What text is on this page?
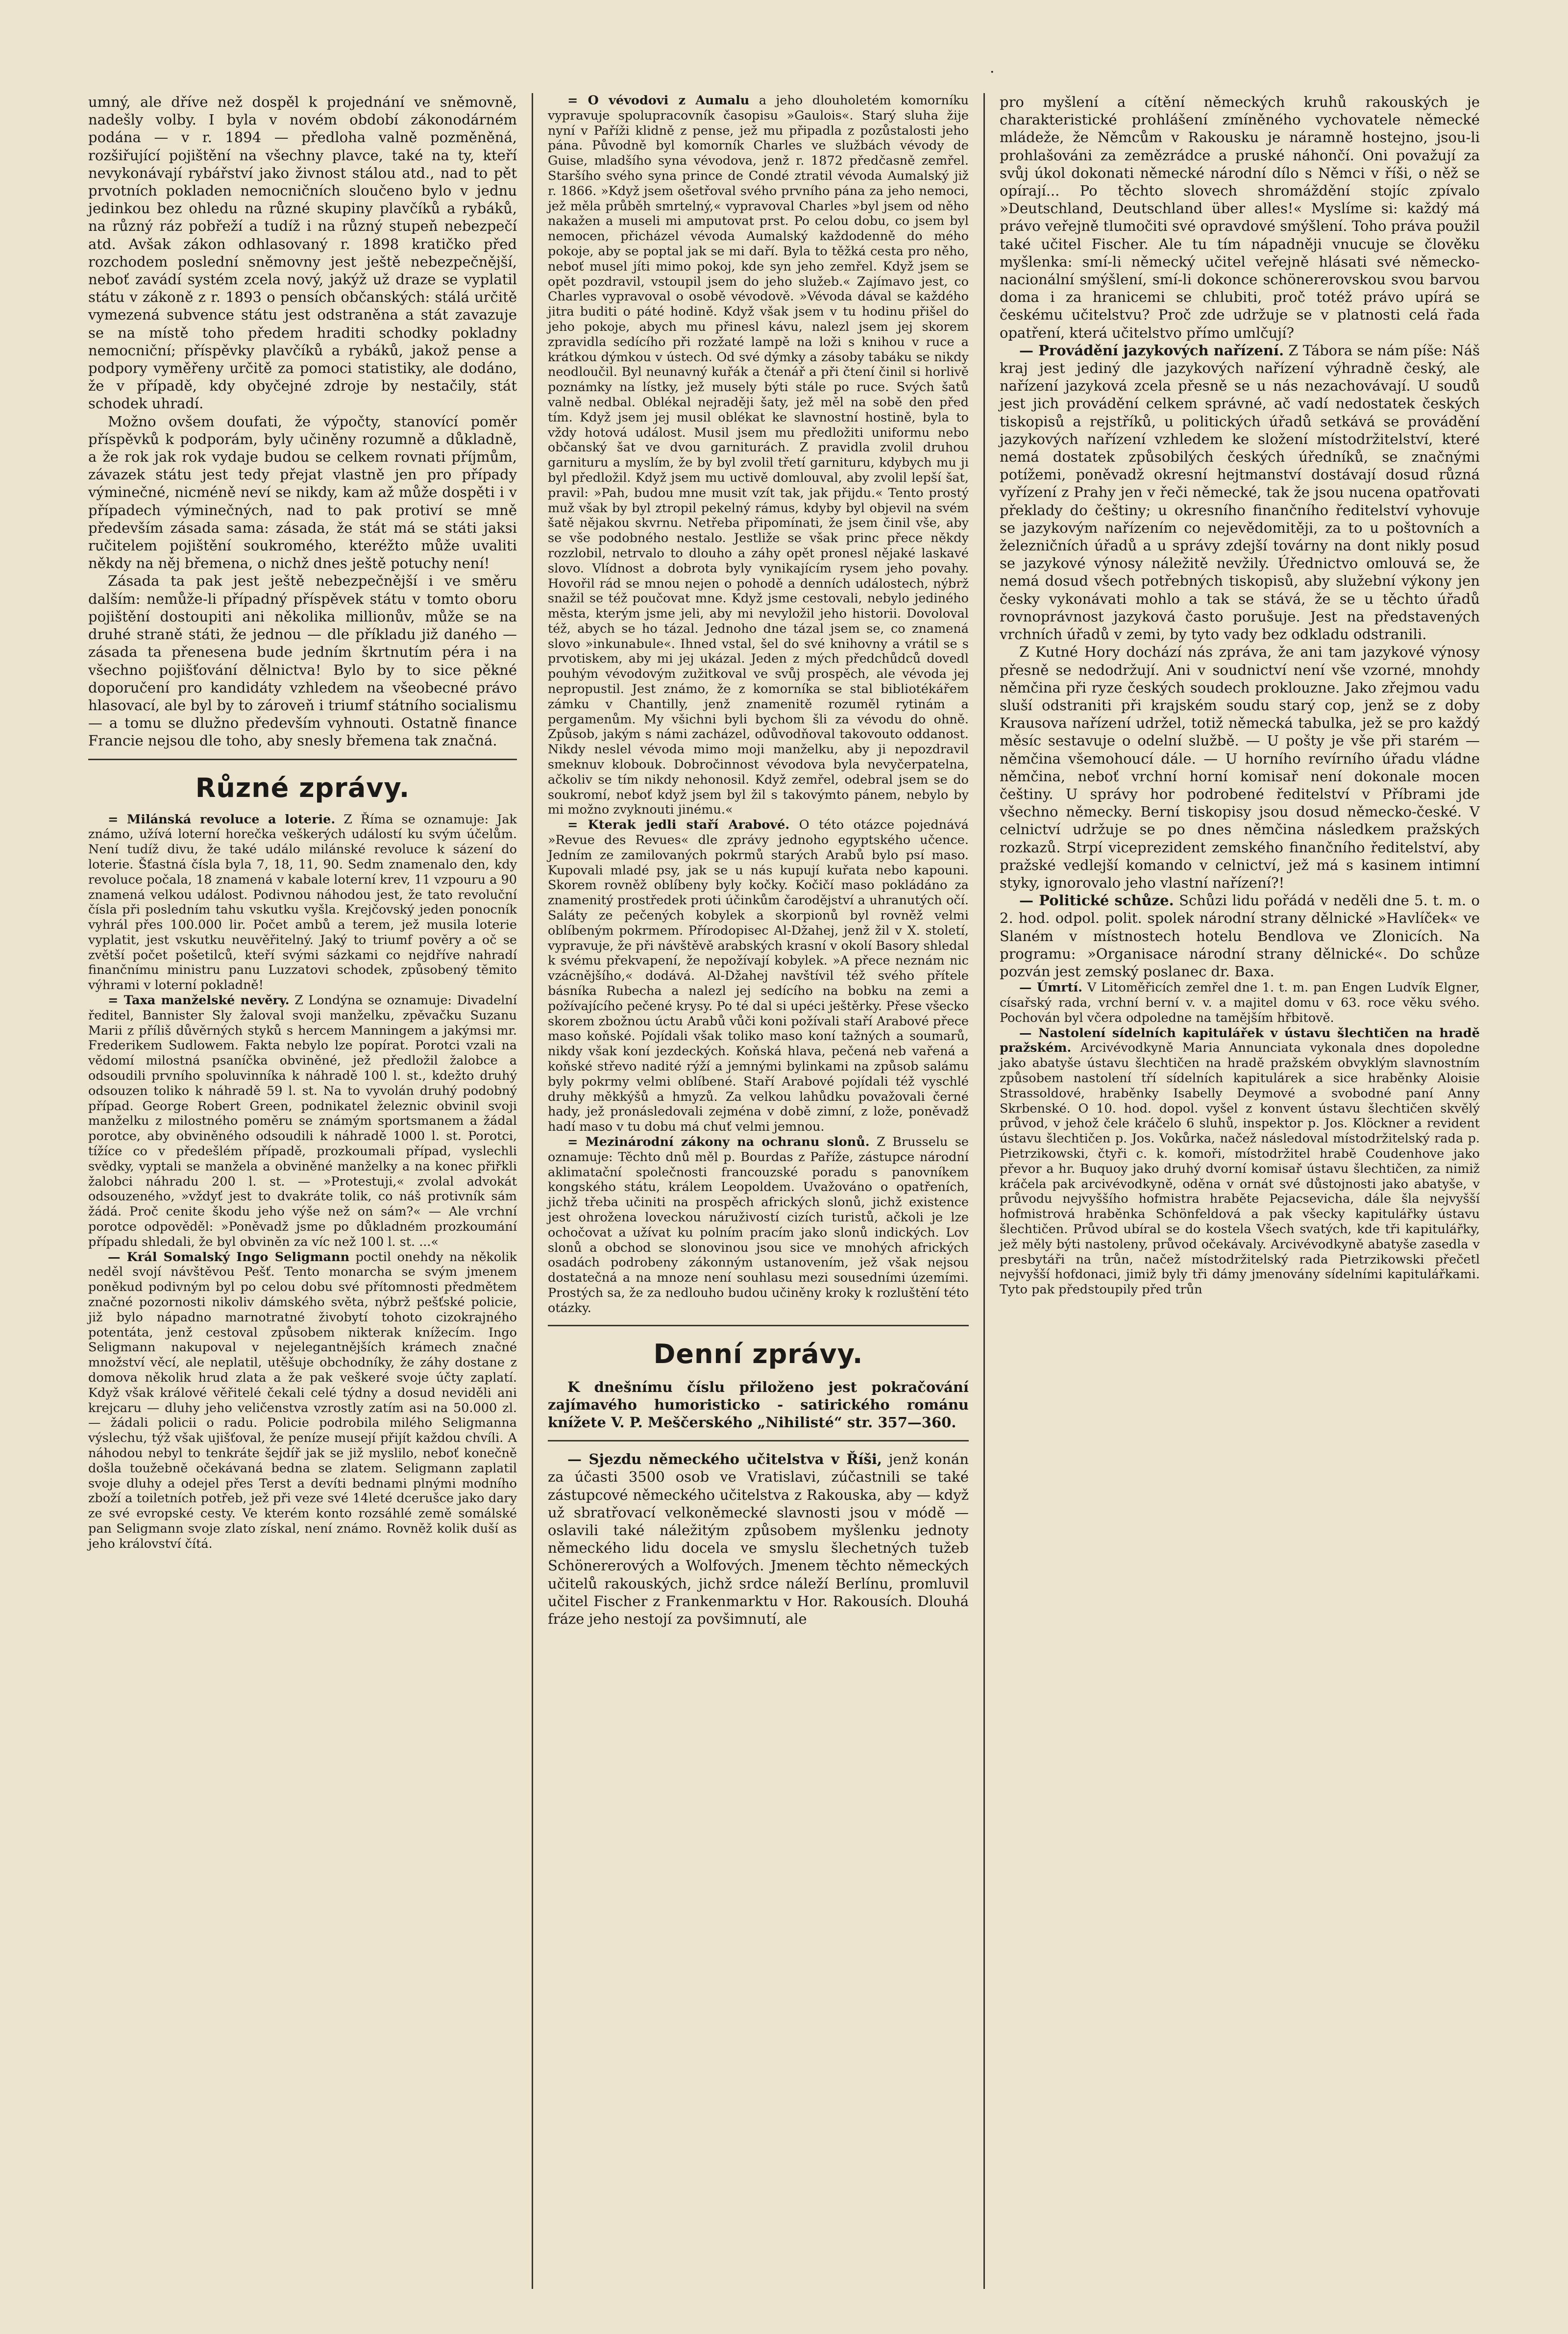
·

umný, ale dříve než dospěl k projednání ve sněmovně, nadešly volby. I byla v novém období zákonodárném podána — v r. 1894 — předloha valně pozměněná, rozšiřující pojištění na všechny plavce, také na ty, kteří nevykonávají rybářství jako živnost stálou atd., nad to pět prvotních pokladen nemocničních sloučeno bylo v jednu jedinkou bez ohledu na různé skupiny plavčíků a rybáků, na různý ráz pobřeží a tudíž i na různý stupeň nebezpečí atd. Avšak zákon odhlasovaný r. 1898 kratičko před rozchodem poslední sněmovny jest ještě nebezpečnější, neboť zavádí systém zcela nový, jakýž už draze se vyplatil státu v zákoně z r. 1893 o pensích občanských: stálá určitě vymezená subvence státu jest odstraněna a stát zavazuje se na místě toho předem hraditi schodky pokladny nemocniční; příspěvky plavčíků a rybáků, jakož pense a podpory vyměřeny určitě za pomoci statistiky, ale dodáno, že v případě, kdy obyčejné zdroje by nestačily, stát schodek uhradí.

Možno ovšem doufati, že výpočty, stanovící poměr příspěvků k podporám, byly učiněny rozumně a důkladně, a že rok jak rok vydaje budou se celkem rovnati příjmům, závazek státu jest tedy přejat vlastně jen pro případy výminečné, nicméně neví se nikdy, kam až může dospěti i v případech výminečných, nad to pak protiví se mně především zásada sama: zásada, že stát má se státi jaksi ručitelem pojištění soukromého, kteréžto může uvaliti někdy na něj břemena, o nichž dnes ještě potuchy není!

Zásada ta pak jest ještě nebezpečnější i ve směru dalším: nemůže-li případný příspěvek státu v tomto oboru pojištění dostoupiti ani několika millionův, může se na druhé straně státi, že jednou — dle příkladu již daného — zásada ta přenesena bude jedním škrtnutím péra i na všechno pojišťování dělnictva! Bylo by to sice pěkné doporučení pro kandidáty vzhledem na všeobecné právo hlasovací, ale byl by to zároveň i triumf státního socialismu — a tomu se dlužno především vyhnouti. Ostatně finance Francie nejsou dle toho, aby snesly břemena tak značná.

Různé zprávy.

= Milánská revoluce a loterie. Z Říma se oznamuje: Jak známo, užívá loterní horečka veškerých událostí ku svým účelům. Není tudíž divu, že také událo milánské revoluce k sázení do loterie. Šťastná čísla byla 7, 18, 11, 90. Sedm znamenalo den, kdy revoluce počala, 18 znamená v kabale loterní krev, 11 vzpouru a 90 znamená velkou událost. Podivnou náhodou jest, že tato revoluční čísla při posledním tahu vskutku vyšla. Krejčovský jeden ponocník vyhrál přes 100.000 lir. Počet ambů a terem, jež musila loterie vyplatit, jest vskutku neuvěřitelný. Jaký to triumf pověry a oč se zvětší počet pošetilců, kteří svými sázkami co nejdříve nahradí finančnímu ministru panu Luzzatovi schodek, způsobený těmito výhrami v loterní pokladně!

= Taxa manželské nevěry. Z Londýna se oznamuje: Divadelní ředitel, Bannister Sly žaloval svoji manželku, zpěvačku Suzanu Marii z příliš důvěrných styků s hercem Manningem a jakýmsi mr. Frederikem Sudlowem. Fakta nebylo lze popírat. Porotci vzali na vědomí milostná psaníčka obviněné, jež předložil žalobce a odsoudili prvního spoluvinníka k náhradě 100 l. st., kdežto druhý odsouzen toliko k náhradě 59 l. st. Na to vyvolán druhý podobný případ. George Robert Green, podnikatel železnic obvinil svoji manželku z milostného poměru se známým sportsmanem a žádal porotce, aby obviněného odsoudili k náhradě 1000 l. st. Porotci, tížíce co v předešlém případě, prozkoumali případ, vyslechli svědky, vyptali se manžela a obviněné manželky a na konec přiřkli žalobci náhradu 200 l. st. — »Protestuji,« zvolal advokát odsouzeného, »vždyť jest to dvakráte tolik, co náš protivník sám žádá. Proč cenite škodu jeho výše než on sám?« — Ale vrchní porotce odpověděl: »Poněvadž jsme po důkladném prozkoumání případu shledali, že byl obviněn za víc než 100 l. st. ...«

— Král Somalský Ingo Seligmann poctil onehdy na několik neděl svojí návštěvou Pešť. Tento monarcha se svým jmenem poněkud podivným byl po celou dobu své přítomnosti předmětem značné pozornosti nikoliv dámského světa, nýbrž pešťské policie, již bylo nápadno marnotratné živobytí tohoto cizokrajného potentáta, jenž cestoval způsobem nikterak knížecím. Ingo Seligmann nakupoval v nejelegantnějších krámech značné množství věcí, ale neplatil, utěšuje obchodníky, že záhy dostane z domova několik hrud zlata a že pak veškeré svoje účty zaplatí. Když však králové věřitelé čekali celé týdny a dosud neviděli ani krejcaru — dluhy jeho veličenstva vzrostly zatím asi na 50.000 zl. — žádali policii o radu. Policie podrobila milého Seligmanna výslechu, týž však ujišťoval, že peníze musejí přijít každou chvíli. A náhodou nebyl to tenkráte šejdíř jak se již myslilo, neboť konečně došla toužebně očekávaná bedna se zlatem. Seligmann zaplatil svoje dluhy a odejel přes Terst a devíti bednami plnými modního zboží a toiletních potřeb, jež při veze své 14leté dcerušce jako dary ze své evropské cesty. Ve kterém konto rozsáhlé země somálské pan Seligmann svoje zlato získal, není známo. Rovněž kolik duší as jeho království čítá.

= O vévodovi z Aumalu a jeho dlouholetém komorníku vypravuje spolupracovník časopisu »Gaulois«. Starý sluha žije nyní v Paříži klidně z pense, jež mu připadla z pozůstalosti jeho pána. Původně byl komorník Charles ve službách vévody de Guise, mladšího syna vévodova, jenž r. 1872 předčasně zemřel. Staršího svého syna prince de Condé ztratil vévoda Aumalský již r. 1866. »Když jsem ošetřoval svého prvního pána za jeho nemoci, jež měla průběh smrtelný,« vypravoval Charles »byl jsem od něho nakažen a museli mi amputovat prst. Po celou dobu, co jsem byl nemocen, přicházel vévoda Aumalský každodenně do mého pokoje, aby se poptal jak se mi daří. Byla to těžká cesta pro něho, neboť musel jíti mimo pokoj, kde syn jeho zemřel. Když jsem se opět pozdravil, vstoupil jsem do jeho služeb.« Zajímavo jest, co Charles vypravoval o osobě vévodově. »Vévoda dával se každého jitra buditi o páté hodině. Když však jsem v tu hodinu přišel do jeho pokoje, abych mu přinesl kávu, nalezl jsem jej skorem zpravidla sedícího při rozžaté lampě na loži s knihou v ruce a krátkou dýmkou v ústech. Od své dýmky a zásoby tabáku se nikdy neodloučil. Byl neunavný kuřák a čtenář a při čtení činil si horlivě poznámky na lístky, jež musely býti stále po ruce. Svých šatů valně nedbal. Oblékal nejraději šaty, jež měl na sobě den před tím. Když jsem jej musil oblékat ke slavnostní hostině, byla to vždy hotová událost. Musil jsem mu předložiti uniformu nebo občanský šat ve dvou garniturách. Z pravidla zvolil druhou garnituru a myslím, že by byl zvolil třetí garnituru, kdybych mu ji byl předložil. Když jsem mu uctivě domlouval, aby zvolil lepší šat, pravil: »Pah, budou mne musit vzít tak, jak přijdu.« Tento prostý muž však by byl ztropil pekelný rámus, kdyby byl objevil na svém šatě nějakou skvrnu. Netřeba připomínati, že jsem činil vše, aby se vše podobného nestalo. Jestliže se však princ přece někdy rozzlobil, netrvalo to dlouho a záhy opět pronesl nějaké laskavé slovo. Vlídnost a dobrota byly vynikajícím rysem jeho povahy. Hovořil rád se mnou nejen o pohodě a denních událostech, nýbrž snažil se též poučovat mne. Když jsme cestovali, nebylo jediného města, kterým jsme jeli, aby mi nevyložil jeho historii. Dovoloval též, abych se ho tázal. Jednoho dne tázal jsem se, co znamená slovo »inkunabule«. Ihned vstal, šel do své knihovny a vrátil se s prvotiskem, aby mi jej ukázal. Jeden z mých předchůdců dovedl pouhým vévodovým zužitkoval ve svůj prospěch, ale vévoda jej nepropustil. Jest známo, že z komorníka se stal bibliotékářem zámku v Chantilly, jenž znamenitě rozuměl rytinám a pergamenům. My všichni byli bychom šli za vévodu do ohně. Způsob, jakým s námi zacházel, odůvodňoval takovouto oddanost. Nikdy neslel vévoda mimo moji manželku, aby ji nepozdravil smeknuv klobouk. Dobročinnost vévodova byla nevyčerpatelna, ačkoliv se tím nikdy nehonosil. Když zemřel, odebral jsem se do soukromí, neboť když jsem byl žil s takovýmto pánem, nebylo by mi možno zvyknouti jinému.«

= Kterak jedli staří Arabové. O této otázce pojednává »Revue des Revues« dle zprávy jednoho egyptského učence. Jedním ze zamilovaných pokrmů starých Arabů bylo psí maso. Kupovali mladé psy, jak se u nás kupují kuřata nebo kapouni. Skorem rovněž oblíbeny byly kočky. Kočičí maso pokládáno za znamenitý prostředek proti účinkům čarodějství a uhranutých očí. Saláty ze pečených kobylek a skorpionů byl rovněž velmi oblíbeným pokrmem. Přírodopisec Al-Džahej, jenž žil v X. století, vypravuje, že při návštěvě arabských krasní v okolí Basory shledal k svému překvapení, že nepožívají kobylek. »A přece neznám nic vzácnějšího,« dodává. Al-Džahej navštívil též svého přítele básníka Rubecha a nalezl jej sedícího na bobku na zemi a požívajícího pečené krysy. Po té dal si upéci ještěrky. Přese všecko skorem zbožnou úctu Arabů vůči koni požívali staří Arabové přece maso koňské. Pojídali však toliko maso koní tažných a soumarů, nikdy však koní jezdeckých. Koňská hlava, pečená neb vařená a koňské střevo nadité rýží a jemnými bylinkami na způsob salámu byly pokrmy velmi oblíbené. Staří Arabové pojídali též vyschlé druhy měkkýšů a hmyzů. Za velkou lahůdku považovali černé hady, jež pronásledovali zejména v době zimní, z lože, poněvadž hadí maso v tu dobu má chuť velmi jemnou.

= Mezinárodní zákony na ochranu slonů. Z Brusselu se oznamuje: Těchto dnů měl p. Bourdas z Paříže, zástupce národní aklimatační společnosti francouzské poradu s panovníkem kongského státu, králem Leopoldem. Uvažováno o opatřeních, jichž třeba učiniti na prospěch afrických slonů, jichž existence jest ohrožena loveckou náruživostí cizích turistů, ačkoli je lze ochočovat a užívat ku polním pracím jako slonů indických. Lov slonů a obchod se slonovinou jsou sice ve mnohých afrických osadách podrobeny zákonným ustanovením, jež však nejsou dostatečná a na mnoze není souhlasu mezi sousedními územími. Prostých sa, že za nedlouho budou učiněny kroky k rozluštění této otázky.

Denní zprávy.

K dnešnímu číslu přiloženo jest pokračování zajímavého humoristicko - satirického románu knížete V. P. Meščerského „Nihilisté“ str. 357—360.

— Sjezdu německého učitelstva v Říši, jenž konán za účasti 3500 osob ve Vratislavi, zúčastnili se také zástupcové německého učitelstva z Rakouska, aby — když už sbratřovací velkoněmecké slavnosti jsou v módě — oslavili také náležitým způsobem myšlenku jednoty německého lidu docela ve smyslu šlechetných tužeb Schönererových a Wolfových. Jmenem těchto německých učitelů rakouských, jichž srdce náleží Berlínu, promluvil učitel Fischer z Frankenmarktu v Hor. Rakousích. Dlouhá fráze jeho nestojí za povšimnutí, ale

pro myšlení a cítění německých kruhů rakouských je charakteristické prohlášení zmíněného vychovatele německé mládeže, že Němcům v Rakousku je náramně hostejno, jsou-li prohlašováni za zemězrádce a pruské náhončí. Oni považují za svůj úkol dokonati německé národní dílo s Němci v říši, o něž se opírají... Po těchto slovech shromáždění stojíc zpívalo »Deutschland, Deutschland über alles!« Myslíme si: každý má právo veřejně tlumočiti své opravdové smýšlení. Toho práva použil také učitel Fischer. Ale tu tím nápadněji vnucuje se člověku myšlenka: smí-li německý učitel veřejně hlásati své německo-nacionální smýšlení, smí-li dokonce schönererovskou svou barvou doma i za hranicemi se chlubiti, proč totéž právo upírá se českému učitelstvu? Proč zde udržuje se v platnosti celá řada opatření, která učitelstvo přímo umlčují?

— Provádění jazykových nařízení. Z Tábora se nám píše: Náš kraj jest jediný dle jazykových nařízení výhradně český, ale nařízení jazyková zcela přesně se u nás nezachovávají. U soudů jest jich provádění celkem správné, ač vadí nedostatek českých tiskopisů a rejstříků, u politických úřadů setkává se provádění jazykových nařízení vzhledem ke složení místodržitelství, které nemá dostatek způsobilých českých úředníků, se značnými potížemi, poněvadž okresní hejtmanství dostávají dosud různá vyřízení z Prahy jen v řeči německé, tak že jsou nucena opatřovati překlady do češtiny; u okresního finančního ředitelství vyhovuje se jazykovým nařízením co nejevědomitěji, za to u poštovních a železničních úřadů a u správy zdejší továrny na dont nikly posud se jazykové výnosy náležitě nevžily. Úřednictvo omlouvá se, že nemá dosud všech potřebných tiskopisů, aby služební výkony jen česky vykonávati mohlo a tak se stává, že se u těchto úřadů rovnoprávnost jazyková často porušuje. Jest na představených vrchních úřadů v zemi, by tyto vady bez odkladu odstranili.

Z Kutné Hory dochází nás zpráva, že ani tam jazykové výnosy přesně se nedodržují. Ani v soudnictví není vše vzorné, mnohdy němčina při ryze českých soudech proklouzne. Jako zřejmou vadu sluší odstraniti při krajském soudu starý cop, jenž se z doby Krausova nařízení udržel, totiž německá tabulka, jež se pro každý měsíc sestavuje o odelní službě. — U pošty je vše při starém — němčina všemohoucí dále. — U horního revírního úřadu vládne němčina, neboť vrchní horní komisař není dokonale mocen češtiny. U správy hor podrobené ředitelství v Příbrami jde všechno německy. Berní tiskopisy jsou dosud německo-české. V celnictví udržuje se po dnes němčina následkem pražských rozkazů. Strpí viceprezident zemského finančního ředitelství, aby pražské vedlejší komando v celnictví, jež má s kasinem intimní styky, ignorovalo jeho vlastní nařízení?!

— Politické schůze. Schůzi lidu pořádá v neděli dne 5. t. m. o 2. hod. odpol. polit. spolek národní strany dělnické »Havlíček« ve Slaném v místnostech hotelu Bendlova ve Zlonicích. Na programu: »Organisace národní strany dělnické«. Do schůze pozván jest zemský poslanec dr. Baxa.

— Úmrtí. V Litoměřicích zemřel dne 1. t. m. pan Engen Ludvík Elgner, císařský rada, vrchní berní v. v. a majitel domu v 63. roce věku svého. Pochován byl včera odpoledne na tamějším hřbitově.

— Nastolení sídelních kapitulářek v ústavu šlechtičen na hradě pražském. Arcivévodkyně Maria Annunciata vykonala dnes dopoledne jako abatyše ústavu šlechtičen na hradě pražském obvyklým slavnostním způsobem nastolení tří sídelních kapitulárek a sice hraběnky Aloisie Strassoldové, hraběnky Isabelly Deymové a svobodné paní Anny Skrbenské. O 10. hod. dopol. vyšel z konvent ústavu šlechtičen skvělý průvod, v jehož čele kráčelo 6 sluhů, inspektor p. Jos. Klöckner a revident ústavu šlechtičen p. Jos. Vokůrka, načež následoval místodržitelský rada p. Pietrzikowski, čtyři c. k. komoři, místodržitel hrabě Coudenhove jako převor a hr. Buquoy jako druhý dvorní komisař ústavu šlechtičen, za nimiž kráčela pak arcivévodkyně, oděna v ornát své důstojnosti jako abatyše, v průvodu nejvyššího hofmistra hraběte Pejacsevicha, dále šla nejvyšší hofmistrová hraběnka Schönfeldová a pak všecky kapitulářky ústavu šlechtičen. Průvod ubíral se do kostela Všech svatých, kde tři kapitulářky, jež měly býti nastoleny, průvod očekávaly. Arcivévodkyně abatyše zasedla v presbytáři na trůn, načež místodržitelský rada Pietrzikowski přečetl nejvyšší hofdonaci, jimiž byly tři dámy jmenovány sídelními kapitulářkami. Tyto pak předstoupily před trůn
